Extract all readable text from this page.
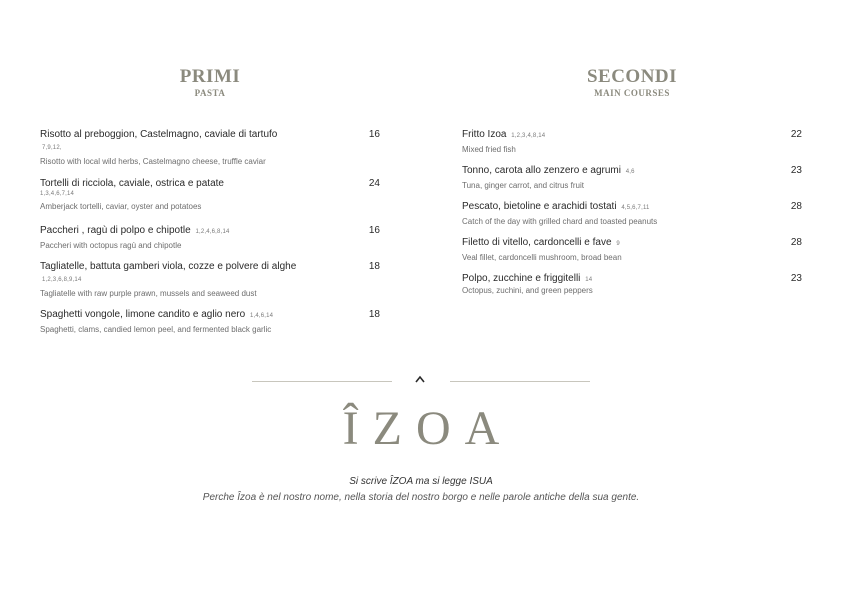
PRIMI
PASTA
SECONDI
MAIN COURSES
Risotto al preboggion, Castelmagno, caviale di tartufo 7,9,12,
Risotto with local wild herbs, Castelmagno cheese, truffle caviar
16
Tortelli di ricciola, caviale, ostrica e patate
1,3,4,6,7,14
Amberjack tortelli, caviar, oyster and potatoes
24
Paccheri , ragù di polpo e chipotle 1,2,4,6,8,14
Paccheri with octopus ragù and chipotle
16
Tagliatelle, battuta gamberi viola, cozze e polvere di alghe 1,2,3,6,8,9,14
Tagliatelle with raw purple prawn, mussels and seaweed dust
18
Spaghetti vongole, limone candito e aglio nero 1,4,6,14
Spaghetti, clams, candied lemon peel, and fermented black garlic
18
Fritto Izoa 1,2,3,4,8,14
Mixed fried fish
22
Tonno, carota allo zenzero e agrumi 4,6
Tuna, ginger carrot, and citrus fruit
23
Pescato, bietoline e arachidi tostati 4,5,6,7,11
Catch of the day with grilled chard and toasted peanuts
28
Filetto di vitello, cardoncelli e fave 9
Veal fillet, cardoncelli mushroom, broad bean
28
Polpo, zucchine e friggitelli 14
Octopus, zuchini, and green peppers
23
ÎZOA
Si scrive ÎZOA ma si legge ISUA
Perche Îzoa è nel nostro nome, nella storia del nostro borgo e nelle parole antiche della sua gente.
